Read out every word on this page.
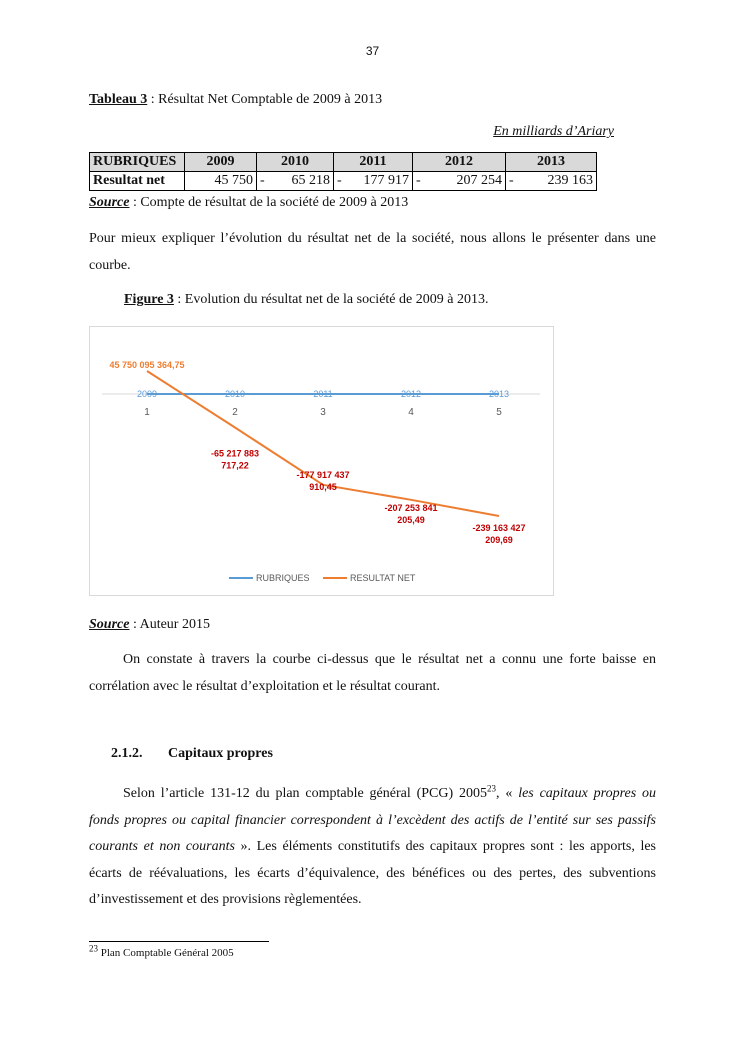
37
Tableau 3 : Résultat Net Comptable de 2009 à 2013
En milliards d’Ariary
RUBRIQUES	2009	2010		2011		2012		2013	
Resultat net	45 750	-	65 218	-	177 917	-	207 254	-	239 163
Source : Compte de résultat de la société de 2009 à 2013
Pour mieux expliquer l’évolution du résultat net de la société, nous allons le présenter dans une courbe.
Figure 3 : Evolution du résultat net de la société de 2009 à 2013.
1	2	3	4	5
2009	2010	2011	2012	2013
45 750 095 364,75
-65 217 883 717,22
-177 917 437 910,45
-207 253 841 205,49
-239 163 427 209,69
RUBRIQUES	RESULTAT NET
Source : Auteur 2015
On constate à travers la courbe ci-dessus que le résultat net a connu une forte baisse en corrélation avec le résultat d’exploitation et le résultat courant.
2.1.2. Capitaux propres
Selon l’article 131-12 du plan comptable général (PCG) 2005$^{23}$, « les capitaux propres ou fonds propres ou capital financier correspondent à l’excèdent des actifs de l’entité sur ses passifs courants et non courants ». Les éléments constitutifs des capitaux propres sont : les apports, les écarts de réévaluations, les écarts d’équivalence, des bénéfices ou des pertes, des subventions d’investissement et des provisions règlementées.
$^{23}$ Plan Comptable Général 2005
